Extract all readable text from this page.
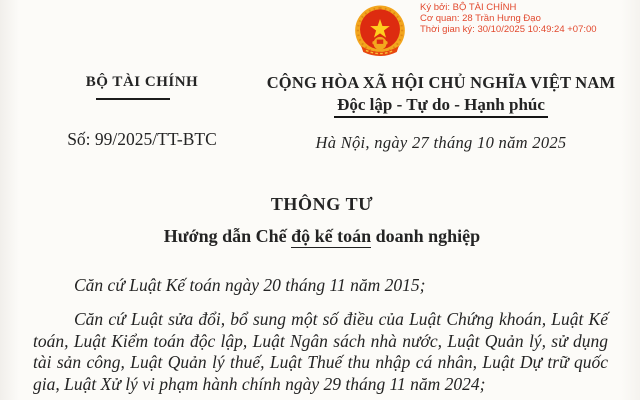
Ký bởi: BỘ TÀI CHÍNH
Cơ quan: 28 Trần Hưng Đạo
Thời gian ký: 30/10/2025 10:49:24 +07:00
BỘ TÀI CHÍNH
Số: 99/2025/TT-BTC
CỘNG HÒA XÃ HỘI CHỦ NGHĨA VIỆT NAM
Độc lập - Tự do - Hạnh phúc
Hà Nội, ngày 27 tháng 10 năm 2025
THÔNG TƯ
Hướng dẫn Chế độ kế toán doanh nghiệp
Căn cứ Luật Kế toán ngày 20 tháng 11 năm 2015;
Căn cứ Luật sửa đổi, bổ sung một số điều của Luật Chứng khoán, Luật Kế
toán, Luật Kiểm toán độc lập, Luật Ngân sách nhà nước, Luật Quản lý, sử dụng
tài sản công, Luật Quản lý thuế, Luật Thuế thu nhập cá nhân, Luật Dự trữ quốc
gia, Luật Xử lý vi phạm hành chính ngày 29 tháng 11 năm 2024;
